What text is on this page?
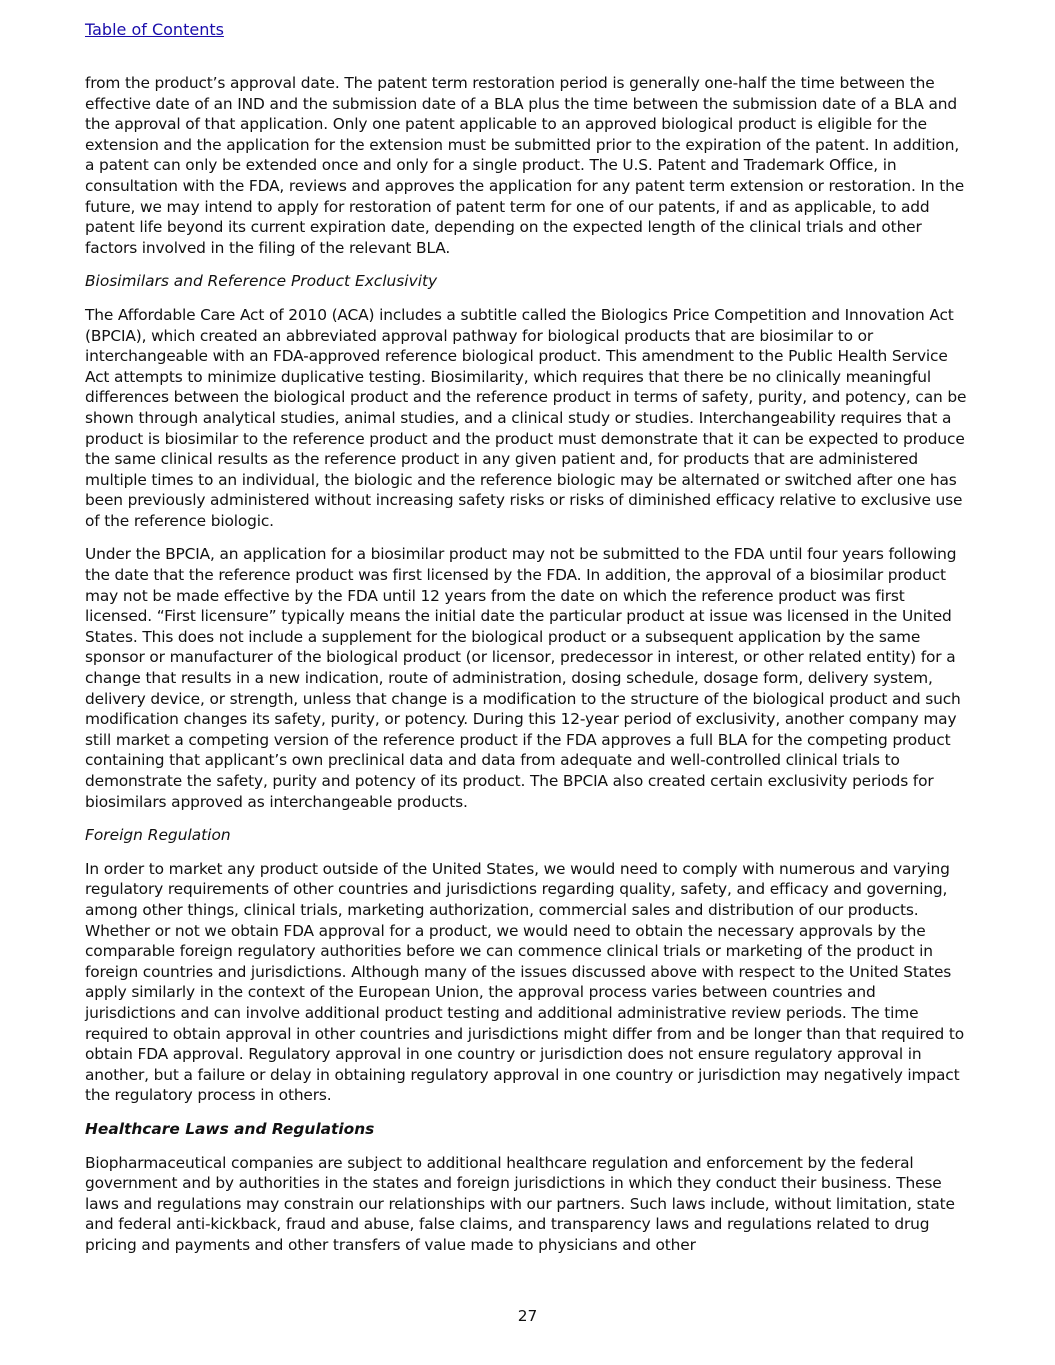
Table of Contents

from the product’s approval date. The patent term restoration period is generally one-half the time between the effective date of an IND and the submission date of a BLA plus the time between the submission date of a BLA and the approval of that application. Only one patent applicable to an approved biological product is eligible for the extension and the application for the extension must be submitted prior to the expiration of the patent. In addition, a patent can only be extended once and only for a single product. The U.S. Patent and Trademark Office, in consultation with the FDA, reviews and approves the application for any patent term extension or restoration. In the future, we may intend to apply for restoration of patent term for one of our patents, if and as applicable, to add patent life beyond its current expiration date, depending on the expected length of the clinical trials and other factors involved in the filing of the relevant BLA.

Biosimilars and Reference Product Exclusivity

The Affordable Care Act of 2010 (ACA) includes a subtitle called the Biologics Price Competition and Innovation Act (BPCIA), which created an abbreviated approval pathway for biological products that are biosimilar to or interchangeable with an FDA-approved reference biological product. This amendment to the Public Health Service Act attempts to minimize duplicative testing. Biosimilarity, which requires that there be no clinically meaningful differences between the biological product and the reference product in terms of safety, purity, and potency, can be shown through analytical studies, animal studies, and a clinical study or studies. Interchangeability requires that a product is biosimilar to the reference product and the product must demonstrate that it can be expected to produce the same clinical results as the reference product in any given patient and, for products that are administered multiple times to an individual, the biologic and the reference biologic may be alternated or switched after one has been previously administered without increasing safety risks or risks of diminished efficacy relative to exclusive use of the reference biologic.

Under the BPCIA, an application for a biosimilar product may not be submitted to the FDA until four years following the date that the reference product was first licensed by the FDA. In addition, the approval of a biosimilar product may not be made effective by the FDA until 12 years from the date on which the reference product was first licensed. “First licensure” typically means the initial date the particular product at issue was licensed in the United States. This does not include a supplement for the biological product or a subsequent application by the same sponsor or manufacturer of the biological product (or licensor, predecessor in interest, or other related entity) for a change that results in a new indication, route of administration, dosing schedule, dosage form, delivery system, delivery device, or strength, unless that change is a modification to the structure of the biological product and such modification changes its safety, purity, or potency. During this 12-year period of exclusivity, another company may still market a competing version of the reference product if the FDA approves a full BLA for the competing product containing that applicant’s own preclinical data and data from adequate and well-controlled clinical trials to demonstrate the safety, purity and potency of its product. The BPCIA also created certain exclusivity periods for biosimilars approved as interchangeable products.

Foreign Regulation

In order to market any product outside of the United States, we would need to comply with numerous and varying regulatory requirements of other countries and jurisdictions regarding quality, safety, and efficacy and governing, among other things, clinical trials, marketing authorization, commercial sales and distribution of our products. Whether or not we obtain FDA approval for a product, we would need to obtain the necessary approvals by the comparable foreign regulatory authorities before we can commence clinical trials or marketing of the product in foreign countries and jurisdictions. Although many of the issues discussed above with respect to the United States apply similarly in the context of the European Union, the approval process varies between countries and jurisdictions and can involve additional product testing and additional administrative review periods. The time required to obtain approval in other countries and jurisdictions might differ from and be longer than that required to obtain FDA approval. Regulatory approval in one country or jurisdiction does not ensure regulatory approval in another, but a failure or delay in obtaining regulatory approval in one country or jurisdiction may negatively impact the regulatory process in others.

Healthcare Laws and Regulations

Biopharmaceutical companies are subject to additional healthcare regulation and enforcement by the federal government and by authorities in the states and foreign jurisdictions in which they conduct their business. These laws and regulations may constrain our relationships with our partners. Such laws include, without limitation, state and federal anti-kickback, fraud and abuse, false claims, and transparency laws and regulations related to drug pricing and payments and other transfers of value made to physicians and other

27
